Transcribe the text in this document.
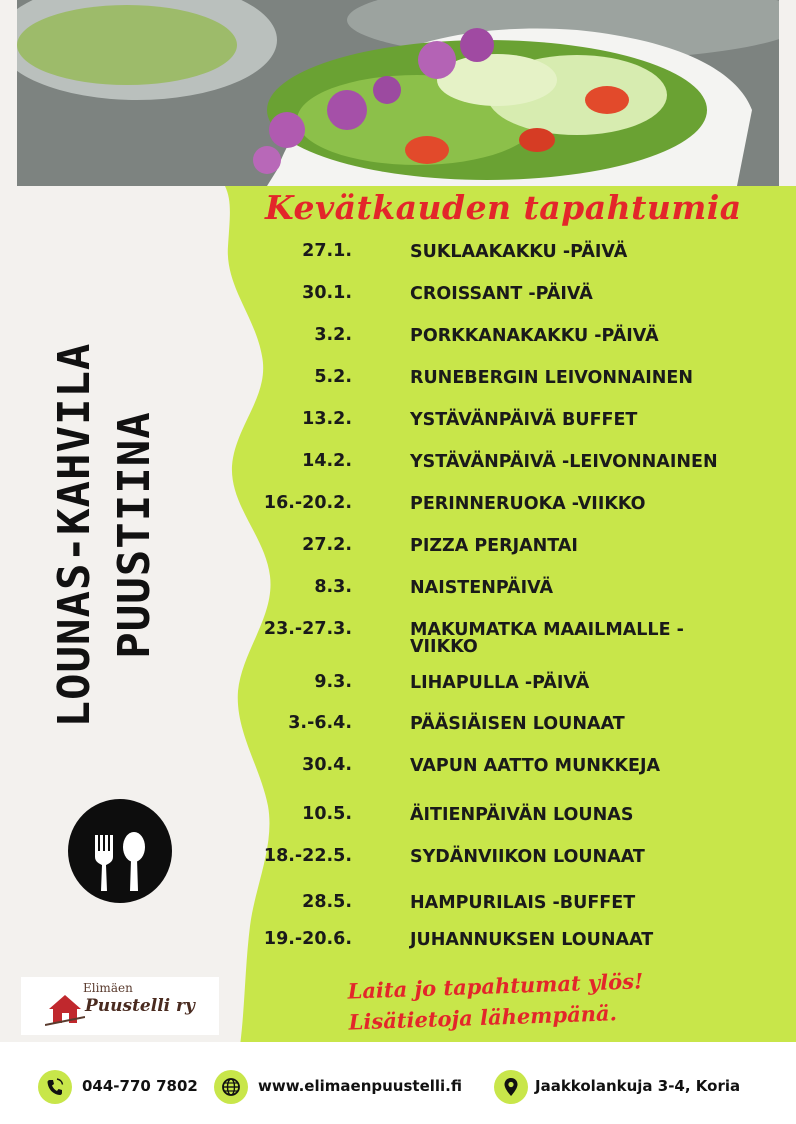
Kevätkauden tapahtumia
27.1.	SUKLAAKAKKU -PÄIVÄ
30.1.	CROISSANT -PÄIVÄ
3.2.	PORKKANAKAKKU -PÄIVÄ
5.2.	RUNEBERGIN LEIVONNAINEN
13.2.	YSTÄVÄNPÄIVÄ BUFFET
14.2.	YSTÄVÄNPÄIVÄ -LEIVONNAINEN
16.-20.2.	PERINNERUOKA -VIIKKO
27.2.	PIZZA PERJANTAI
8.3.	NAISTENPÄIVÄ
23.-27.3.	MAKUMATKA MAAILMALLE -VIIKKO
9.3.	LIHAPULLA -PÄIVÄ
3.-6.4.	PÄÄSIÄISEN LOUNAAT
30.4.	VAPUN AATTO MUNKKEJA
10.5.	ÄITIENPÄIVÄN LOUNAS
18.-22.5.	SYDÄNVIIKON LOUNAAT
28.5.	HAMPURILAIS -BUFFET
19.-20.6.	JUHANNUKSEN LOUNAAT
LOUNAS-KAHVILA PUUSTIINA
Laita jo tapahtumat ylös!
Lisätietoja lähempänä.
Elimäen
Puustelli ry
044-770 7802	www.elimaenpuustelli.fi	Jaakkolankuja 3-4, Koria
